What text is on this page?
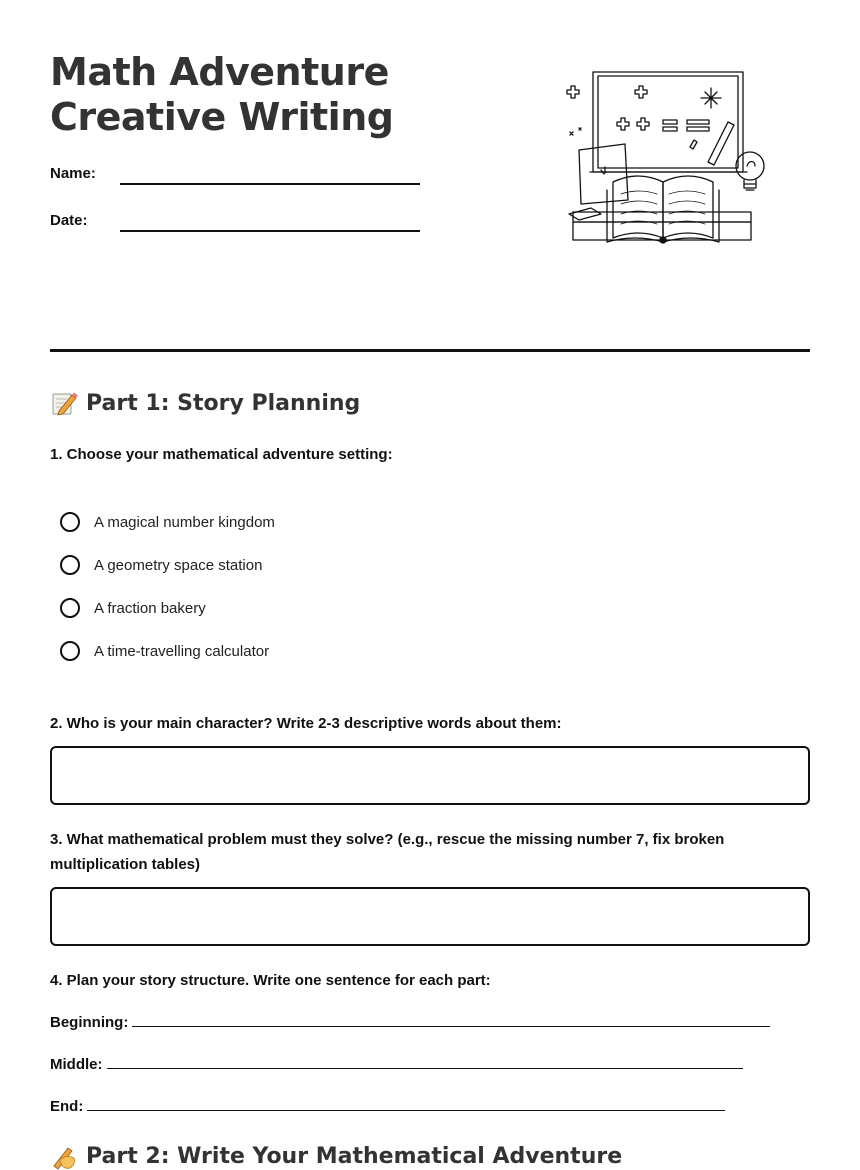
Math Adventure
Creative Writing
Name:
Date:
Part 1: Story Planning

1. Choose your mathematical adventure setting:

A magical number kingdom
A geometry space station
A fraction bakery
A time-travelling calculator

2. Who is your main character? Write 2-3 descriptive words about them:

3. What mathematical problem must they solve? (e.g., rescue the missing number 7, fix broken multiplication tables)

4. Plan your story structure. Write one sentence for each part:

Beginning:
Middle:
End:
Part 2: Write Your Mathematical Adventure
